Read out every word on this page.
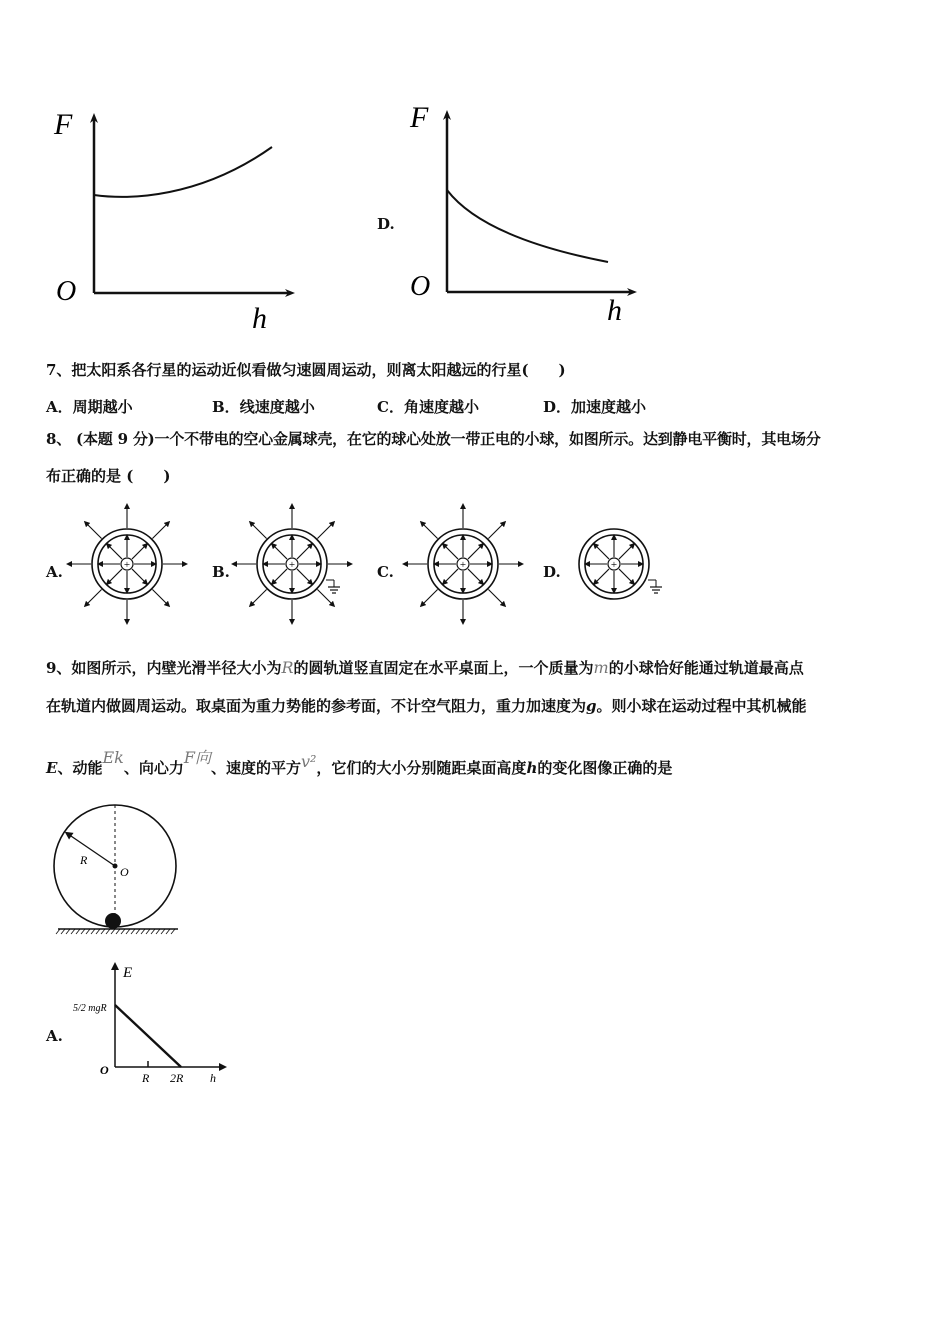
F
O
h
D.
F
O
h
7、把太阳系各行星的运动近似看做匀速圆周运动，则离太阳越远的行星(　　)
A．周期越小	B．线速度越小	C．角速度越小	D．加速度越小
8、 (本题 9 分)一个不带电的空心金属球壳，在它的球心处放一带正电的小球，如图所示。达到静电平衡时，其电场分
布正确的是 (　　)
A.	B.	C.	D.
+	+	+	+
9、如图所示，内壁光滑半径大小为R的圆轨道竖直固定在水平桌面上，一个质量为m的小球恰好能通过轨道最高点
在轨道内做圆周运动。取桌面为重力势能的参考面，不计空气阻力，重力加速度为g。则小球在运动过程中其机械能
E、动能Ek、向心力F向、速度的平方v²，它们的大小分别随距桌面高度h的变化图像正确的是
R
O
A.
E
5/2 mgR
O
R 2R h
